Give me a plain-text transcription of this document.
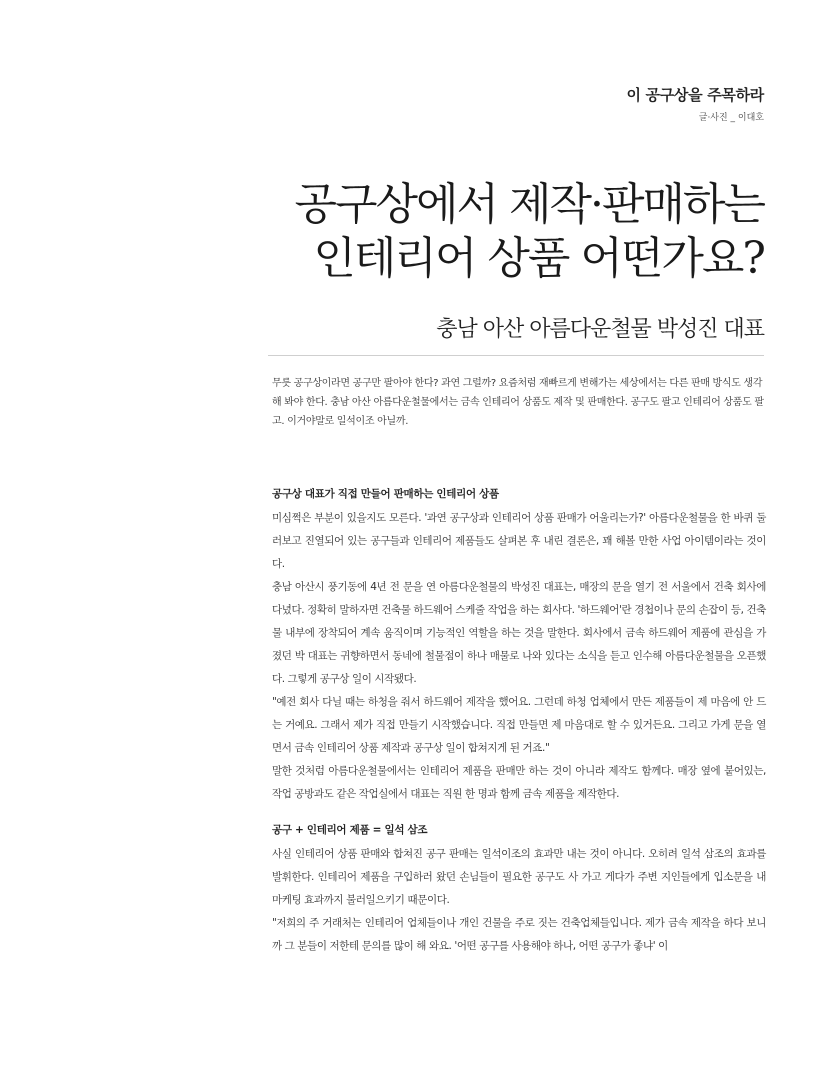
이 공구상을 주목하라
글·사진 _ 이대호
공구상에서 제작·판매하는
인테리어 상품 어떤가요?
충남 아산 아름다운철물 박성진 대표
무릇 공구상이라면 공구만 팔아야 한다? 과연 그럴까? 요즘처럼 재빠르게 변해가는 세상에서는 다른 판매 방식도 생각해 봐야 한다. 충남 아산 아름다운철물에서는 금속 인테리어 상품도 제작 및 판매한다. 공구도 팔고 인테리어 상품도 팔고. 이거야말로 일석이조 아닐까.

공구상 대표가 직접 만들어 판매하는 인테리어 상품

미심쩍은 부분이 있을지도 모른다. '과연 공구상과 인테리어 상품 판매가 어울리는가?' 아름다운철물을 한 바퀴 둘러보고 진열되어 있는 공구들과 인테리어 제품들도 살펴본 후 내린 결론은, 꽤 해볼 만한 사업 아이템이라는 것이다.

충남 아산시 풍기동에 4년 전 문을 연 아름다운철물의 박성진 대표는, 매장의 문을 열기 전 서울에서 건축 회사에 다녔다. 정확히 말하자면 건축물 하드웨어 스케줄 작업을 하는 회사다. '하드웨어'란 경첩이나 문의 손잡이 등, 건축물 내부에 장착되어 계속 움직이며 기능적인 역할을 하는 것을 말한다. 회사에서 금속 하드웨어 제품에 관심을 가졌던 박 대표는 귀향하면서 동네에 철물점이 하나 매물로 나와 있다는 소식을 듣고 인수해 아름다운철물을 오픈했다. 그렇게 공구상 일이 시작됐다.

"예전 회사 다닐 때는 하청을 줘서 하드웨어 제작을 했어요. 그런데 하청 업체에서 만든 제품들이 제 마음에 안 드는 거예요. 그래서 제가 직접 만들기 시작했습니다. 직접 만들면 제 마음대로 할 수 있거든요. 그리고 가게 문을 열면서 금속 인테리어 상품 제작과 공구상 일이 합쳐지게 된 거죠."

말한 것처럼 아름다운철물에서는 인테리어 제품을 판매만 하는 것이 아니라 제작도 함께다. 매장 옆에 붙어있는, 작업 공방과도 같은 작업실에서 대표는 직원 한 명과 함께 금속 제품을 제작한다.

공구 + 인테리어 제품 = 일석 삼조

사실 인테리어 상품 판매와 합쳐진 공구 판매는 일석이조의 효과만 내는 것이 아니다. 오히려 일석 삼조의 효과를 발휘한다. 인테리어 제품을 구입하러 왔던 손님들이 필요한 공구도 사 가고 게다가 주변 지인들에게 입소문을 내 마케팅 효과까지 불러일으키기 때문이다.

"저희의 주 거래처는 인테리어 업체들이나 개인 건물을 주로 짓는 건축업체들입니다. 제가 금속 제작을 하다 보니까 그 분들이 저한테 문의를 많이 해 와요. '어떤 공구를 사용해야 하나, 어떤 공구가 좋냐' 이
